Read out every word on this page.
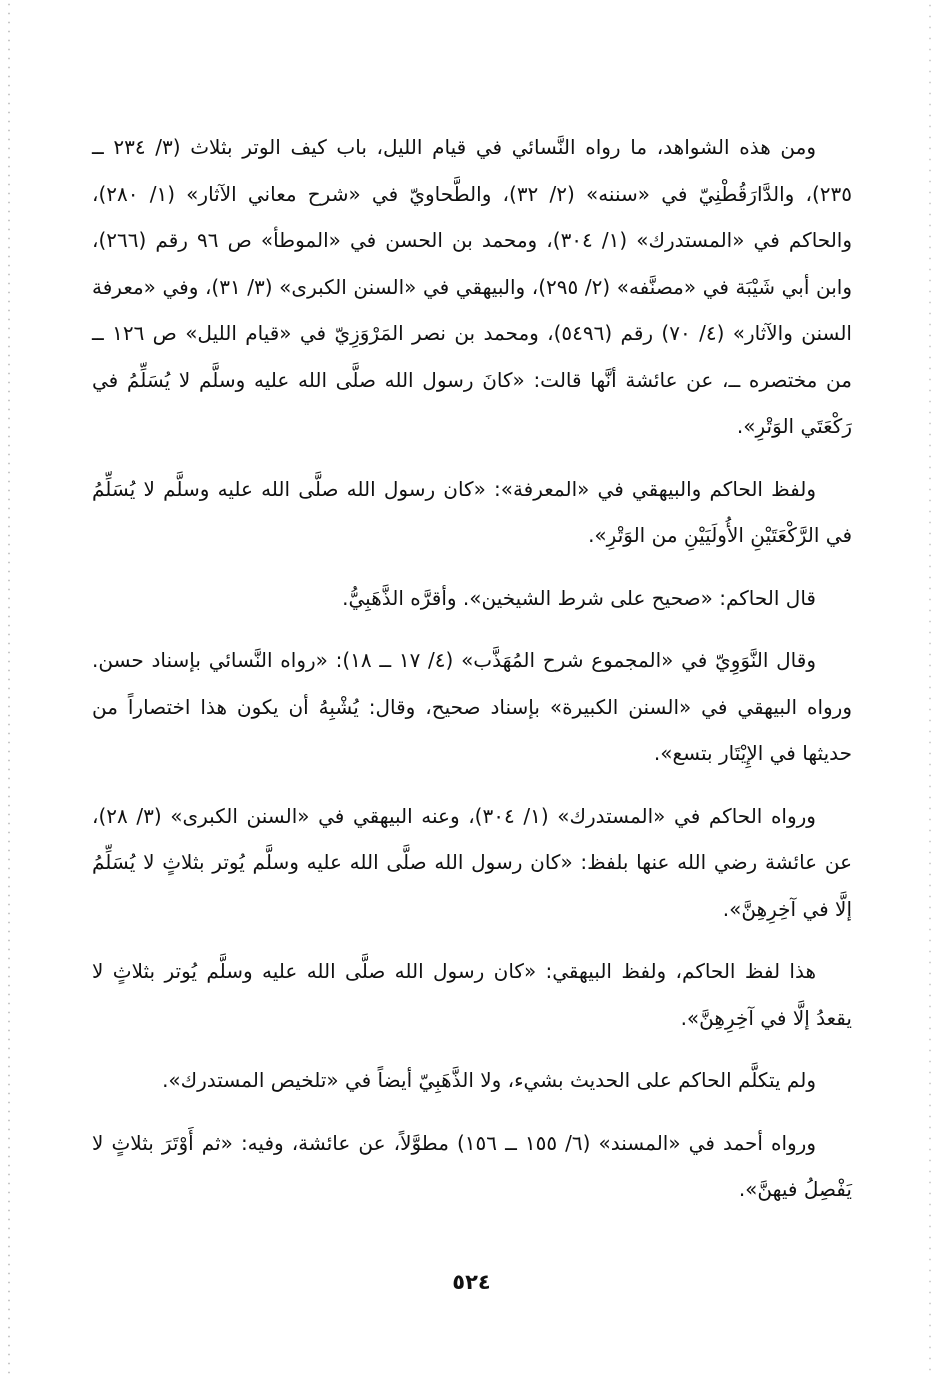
ومن هذه الشواهد، ما رواه النَّسائي في قيام الليل، باب كيف الوتر بثلاث (٣/ ٢٣٤ ــ ٢٣٥)، والدَّارَقُطْنِيّ في «سننه» (٢/ ٣٢)، والطَّحاويّ في «شرح معاني الآثار» (١/ ٢٨٠)، والحاكم في «المستدرك» (١/ ٣٠٤)، ومحمد بن الحسن في «الموطأ» ص ٩٦ رقم (٢٦٦)، وابن أبي شَيْبَة في «مصنَّفه» (٢/ ٢٩٥)، والبيهقي في «السنن الكبرى» (٣/ ٣١)، وفي «معرفة السنن والآثار» (٤/ ٧٠) رقم (٥٤٩٦)، ومحمد بن نصر المَرْوَزِيّ في «قيام الليل» ص ١٢٦ ــ من مختصره ــ، عن عائشة أنَّها قالت: «كانَ رسول الله صلَّى الله عليه وسلَّم لا يُسَلِّمُ في رَكْعَتَي الوَتْرِ».

ولفظ الحاكم والبيهقي في «المعرفة»: «كان رسول الله صلَّى الله عليه وسلَّم لا يُسَلِّمُ في الرَّكْعَتَيْنِ الأُولَيَيْنِ من الوَتْرِ».

قال الحاكم: «صحيح على شرط الشيخين». وأقرَّه الذَّهَبِيُّ.

وقال النَّوَوِيّ في «المجموع شرح المُهَذَّب» (٤/ ١٧ ــ ١٨): «رواه النَّسائي بإسناد حسن. ورواه البيهقي في «السنن الكبيرة» بإسناد صحيح، وقال: يُشْبِهُ أن يكون هذا اختصاراً من حديثها في الإِيْتَار بتسع».

ورواه الحاكم في «المستدرك» (١/ ٣٠٤)، وعنه البيهقي في «السنن الكبرى» (٣/ ٢٨)، عن عائشة رضي الله عنها بلفظ: «كان رسول الله صلَّى الله عليه وسلَّم يُوتر بثلاثٍ لا يُسَلِّمُ إلَّا في آخِرِهِنَّ».

هذا لفظ الحاكم، ولفظ البيهقي: «كان رسول الله صلَّى الله عليه وسلَّم يُوتر بثلاثٍ لا يقعدُ إلَّا في آخِرِهِنَّ».

ولم يتكلَّم الحاكم على الحديث بشيء، ولا الذَّهَبِيّ أيضاً في «تلخيص المستدرك».

ورواه أحمد في «المسند» (٦/ ١٥٥ ــ ١٥٦) مطوَّلاً، عن عائشة، وفيه: «ثم أَوْتَرَ بثلاثٍ لا يَفْصِلُ فيهنَّ».

٥٢٤
